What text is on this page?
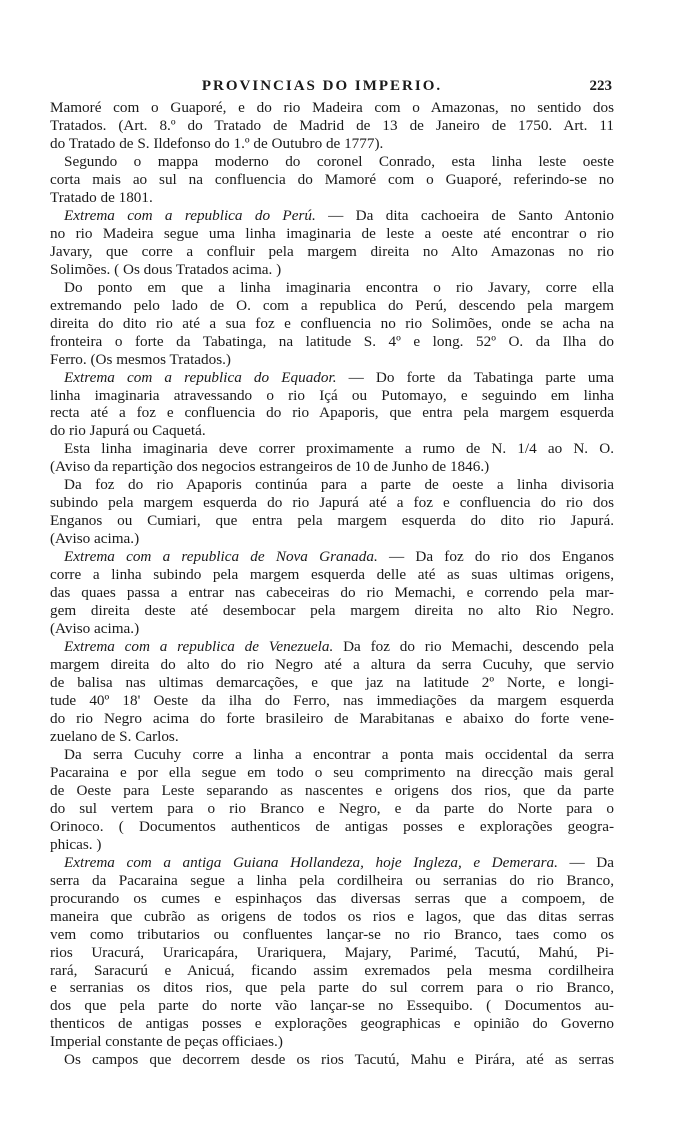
PROVINCIAS DO IMPERIO.	223
Mamoré com o Guaporé, e do rio Madeira com o Amazonas, no sentido dos
Tratados. (Art. 8.º do Tratado de Madrid de 13 de Janeiro de 1750. Art. 11
do Tratado de S. Ildefonso do 1.º de Outubro de 1777).
Segundo o mappa moderno do coronel Conrado, esta linha leste oeste
corta mais ao sul na confluencia do Mamoré com o Guaporé, referindo-se no
Tratado de 1801.
Extrema com a republica do Perú. — Da dita cachoeira de Santo Antonio
no rio Madeira segue uma linha imaginaria de leste a oeste até encontrar o rio
Javary, que corre a confluir pela margem direita no Alto Amazonas no rio
Solimões. ( Os dous Tratados acima. )
Do ponto em que a linha imaginaria encontra o rio Javary, corre ella
extremando pelo lado de O. com a republica do Perú, descendo pela margem
direita do dito rio até a sua foz e confluencia no rio Solimões, onde se acha na
fronteira o forte da Tabatinga, na latitude S. 4º e long. 52º O. da Ilha do
Ferro. (Os mesmos Tratados.)
Extrema com a republica do Equador. — Do forte da Tabatinga parte uma
linha imaginaria atravessando o rio Içá ou Putomayo, e seguindo em linha
recta até a foz e confluencia do rio Apaporis, que entra pela margem esquerda
do rio Japurá ou Caquetá.
Esta linha imaginaria deve correr proximamente a rumo de N. 1/4 ao N. O.
(Aviso da repartição dos negocios estrangeiros de 10 de Junho de 1846.)
Da foz do rio Apaporis continúa para a parte de oeste a linha divisoria
subindo pela margem esquerda do rio Japurá até a foz e confluencia do rio dos
Enganos ou Cumiari, que entra pela margem esquerda do dito rio Japurá.
(Aviso acima.)
Extrema com a republica de Nova Granada. — Da foz do rio dos Enganos
corre a linha subindo pela margem esquerda delle até as suas ultimas origens,
das quaes passa a entrar nas cabeceiras do rio Memachi, e correndo pela mar-
gem direita deste até desembocar pela margem direita no alto Rio Negro.
(Aviso acima.)
Extrema com a republica de Venezuela. Da foz do rio Memachi, descendo pela
margem direita do alto do rio Negro até a altura da serra Cucuhy, que servio
de balisa nas ultimas demarcações, e que jaz na latitude 2º Norte, e longi-
tude 40º 18' Oeste da ilha do Ferro, nas immediações da margem esquerda
do rio Negro acima do forte brasileiro de Marabitanas e abaixo do forte vene-
zuelano de S. Carlos.
Da serra Cucuhy corre a linha a encontrar a ponta mais occidental da serra
Pacaraina e por ella segue em todo o seu comprimento na direcção mais geral
de Oeste para Leste separando as nascentes e origens dos rios, que da parte
do sul vertem para o rio Branco e Negro, e da parte do Norte para o
Orinoco. ( Documentos authenticos de antigas posses e explorações geogra-
phicas. )
Extrema com a antiga Guiana Hollandeza, hoje Ingleza, e Demerara. — Da
serra da Pacaraina segue a linha pela cordilheira ou serranias do rio Branco,
procurando os cumes e espinhaços das diversas serras que a compoem, de
maneira que cubrão as origens de todos os rios e lagos, que das ditas serras
vem como tributarios ou confluentes lançar-se no rio Branco, taes como os
rios Uracurá, Uraricapára, Urariquera, Majary, Parimé, Tacutú, Mahú, Pi-
rará, Saracurú e Anicuá, ficando assim exremados pela mesma cordilheira
e serranias os ditos rios, que pela parte do sul correm para o rio Branco,
dos que pela parte do norte vão lançar-se no Essequibo. ( Documentos au-
thenticos de antigas posses e explorações geographicas e opinião do Governo
Imperial constante de peças officiaes.)
Os campos que decorrem desde os rios Tacutú, Mahu e Pirára, até as serras
